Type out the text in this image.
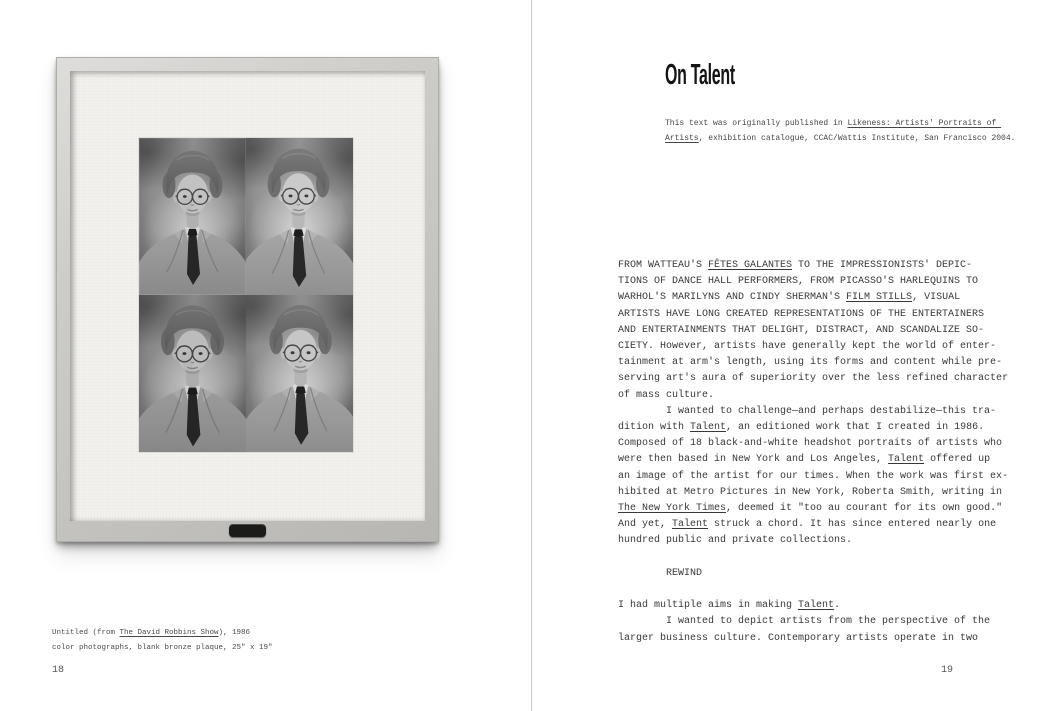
Untitled (from The David Robbins Show), 1986
color photographs, blank bronze plaque, 25" x 19"
18
On Talent
This text was originally published in Likeness: Artists' Portraits of
Artists, exhibition catalogue, CCAC/Wattis Institute, San Francisco 2004.
FROM WATTEAU'S FÊTES GALANTES TO THE IMPRESSIONISTS' DEPIC-
TIONS OF DANCE HALL PERFORMERS, FROM PICASSO'S HARLEQUINS TO
WARHOL'S MARILYNS AND CINDY SHERMAN'S FILM STILLS, VISUAL
ARTISTS HAVE LONG CREATED REPRESENTATIONS OF THE ENTERTAINERS
AND ENTERTAINMENTS THAT DELIGHT, DISTRACT, AND SCANDALIZE SO-
CIETY. However, artists have generally kept the world of enter-
tainment at arm's length, using its forms and content while pre-
serving art's aura of superiority over the less refined character
of mass culture.
I wanted to challenge—and perhaps destabilize—this tra-
dition with Talent, an editioned work that I created in 1986.
Composed of 18 black-and-white headshot portraits of artists who
were then based in New York and Los Angeles, Talent offered up
an image of the artist for our times. When the work was first ex-
hibited at Metro Pictures in New York, Roberta Smith, writing in
The New York Times, deemed it "too au courant for its own good."
And yet, Talent struck a chord. It has since entered nearly one
hundred public and private collections.

REWIND

I had multiple aims in making Talent.
I wanted to depict artists from the perspective of the
larger business culture. Contemporary artists operate in two
19
